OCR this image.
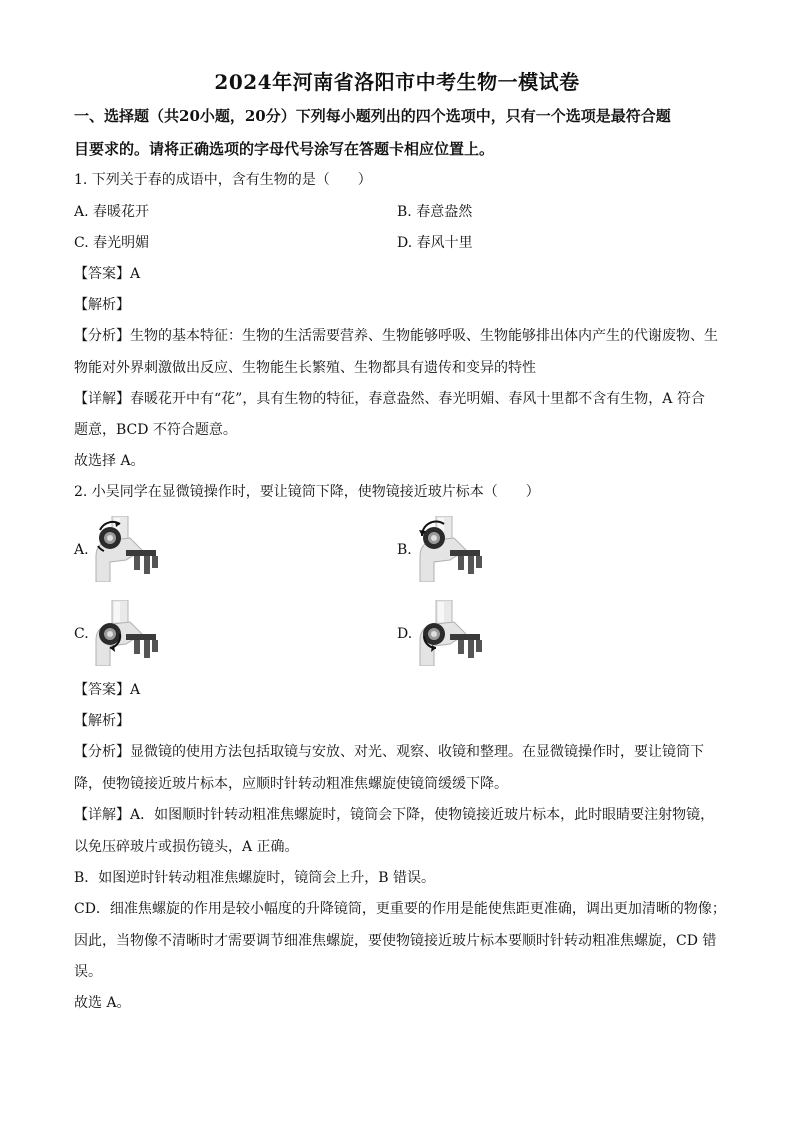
2024年河南省洛阳市中考生物一模试卷
一、选择题（共20小题，20分）下列每小题列出的四个选项中，只有一个选项是最符合题
目要求的。请将正确选项的字母代号涂写在答题卡相应位置上。
1. 下列关于春的成语中，含有生物的是（　　）
A. 春暖花开	B. 春意盎然
C. 春光明媚	D. 春风十里
【答案】A
【解析】
【分析】生物的基本特征：生物的生活需要营养、生物能够呼吸、生物能够排出体内产生的代谢废物、生
物能对外界刺激做出反应、生物能生长繁殖、生物都具有遗传和变异的特性
【详解】春暖花开中有“花”，具有生物的特征，春意盎然、春光明媚、春风十里都不含有生物，A 符合
题意，BCD 不符合题意。
故选择 A。
2. 小吴同学在显微镜操作时，要让镜筒下降，使物镜接近玻片标本（　　）
A.	B.
C.	D.
【答案】A
【解析】
【分析】显微镜的使用方法包括取镜与安放、对光、观察、收镜和整理。在显微镜操作时，要让镜筒下
降，使物镜接近玻片标本，应顺时针转动粗准焦螺旋使镜筒缓缓下降。
【详解】A．如图顺时针转动粗准焦螺旋时，镜筒会下降，使物镜接近玻片标本，此时眼睛要注射物镜，
以免压碎玻片或损伤镜头，A 正确。
B．如图逆时针转动粗准焦螺旋时，镜筒会上升，B 错误。
CD．细准焦螺旋的作用是较小幅度的升降镜筒，更重要的作用是能使焦距更准确，调出更加清晰的物像；
因此，当物像不清晰时才需要调节细准焦螺旋，要使物镜接近玻片标本要顺时针转动粗准焦螺旋，CD 错
误。
故选 A。
